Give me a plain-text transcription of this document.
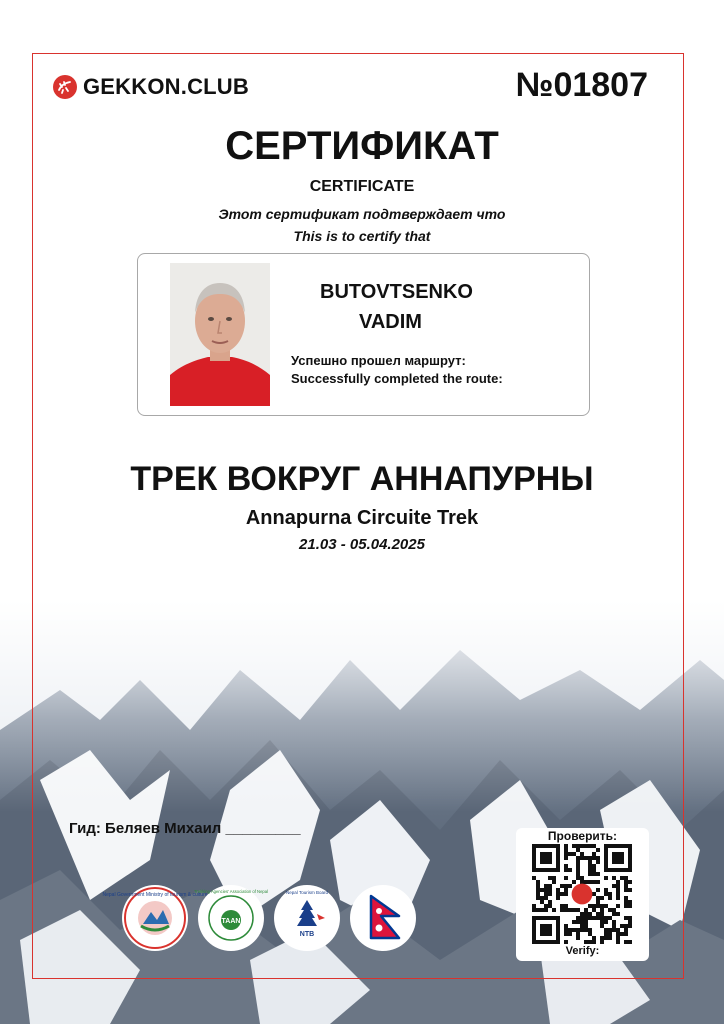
GEKKON.CLUB	№01807
СЕРТИФИКАТ
CERTIFICATE
Этот сертификат подтверждает что
This is to certify that
BUTOVTSENKO
VADIM
Успешно прошел маршрут:
Successfully completed the route:
ТРЕК ВОКРУГ АННАПУРНЫ
Annapurna Circuite Trek
21.03 - 05.04.2025
Гид: Беляев Михаил _________
Nepal Government Ministry of tourism & culture
TAAN
Trekking Agencies' Association of Nepal
NTB
Nepal Tourism Board
Проверить:
Verify:
